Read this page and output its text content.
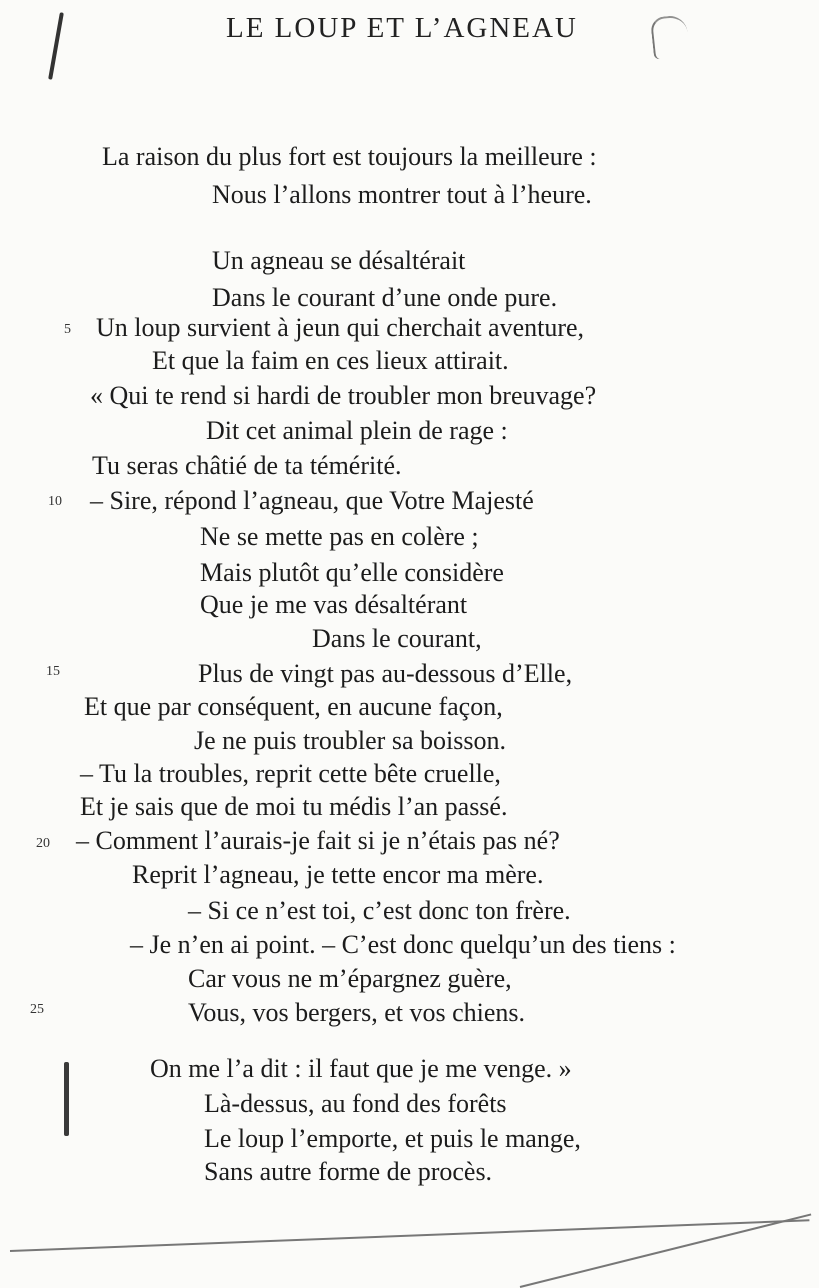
LE LOUP ET L’AGNEAU
La raison du plus fort est toujours la meilleure :
Nous l’allons montrer tout à l’heure.
Un agneau se désaltérait
Dans le courant d’une onde pure.
5 Un loup survient à jeun qui cherchait aventure,
Et que la faim en ces lieux attirait.
« Qui te rend si hardi de troubler mon breuvage?
Dit cet animal plein de rage :
Tu seras châtié de ta témérité.
10 – Sire, répond l’agneau, que Votre Majesté
Ne se mette pas en colère ;
Mais plutôt qu’elle considère
Que je me vas désaltérant
Dans le courant,
15	Plus de vingt pas au-dessous d’Elle,
Et que par conséquent, en aucune façon,
Je ne puis troubler sa boisson.
– Tu la troubles, reprit cette bête cruelle,
Et je sais que de moi tu médis l’an passé.
20 – Comment l’aurais-je fait si je n’étais pas né?
Reprit l’agneau, je tette encor ma mère.
– Si ce n’est toi, c’est donc ton frère.
– Je n’en ai point. – C’est donc quelqu’un des tiens :
Car vous ne m’épargnez guère,
25	Vous, vos bergers, et vos chiens.
On me l’a dit : il faut que je me venge. »
Là-dessus, au fond des forêts
Le loup l’emporte, et puis le mange,
Sans autre forme de procès.
